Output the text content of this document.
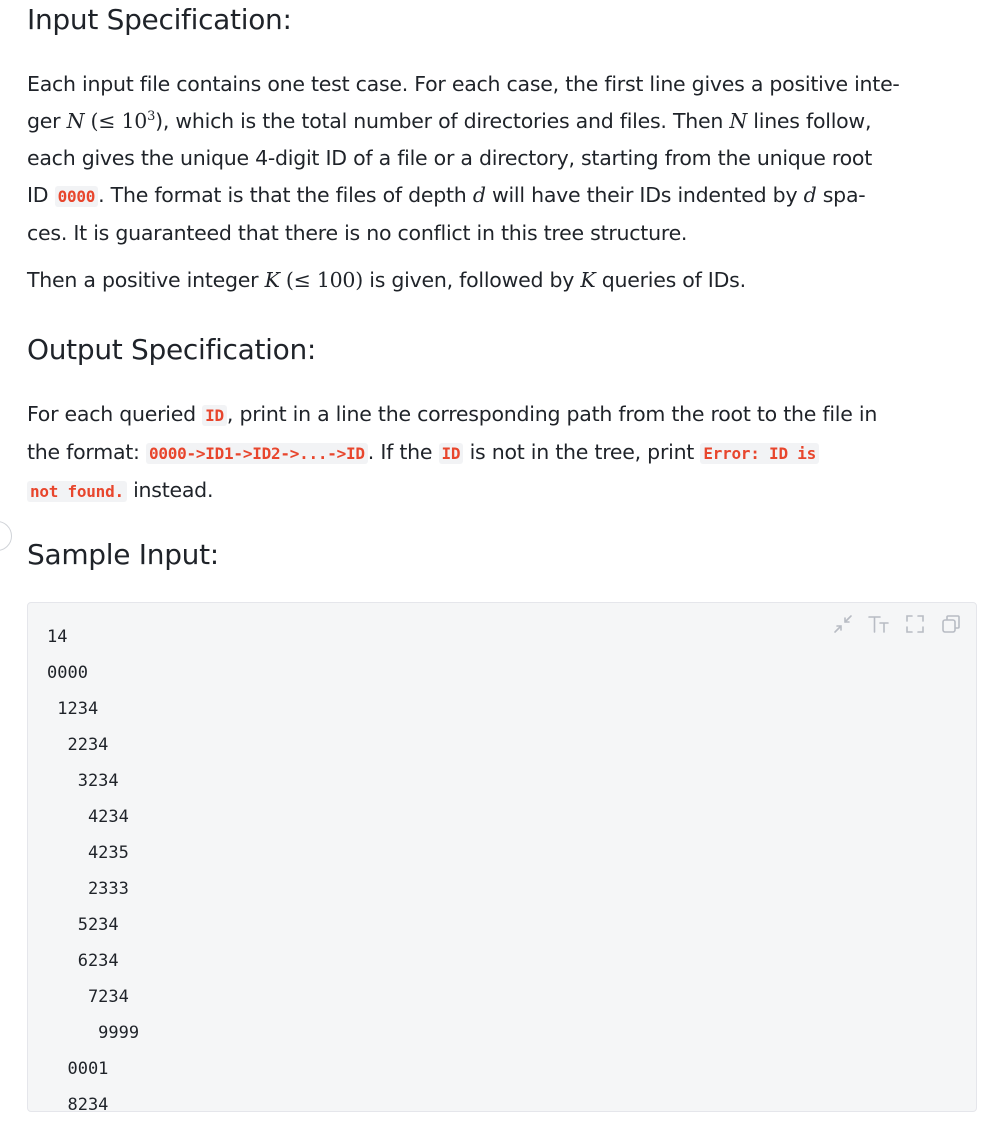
Input Specification:

Each input file contains one test case. For each case, the first line gives a positive inte-
ger N (≤ $10^3$), which is the total number of directories and files. Then N lines follow,
each gives the unique 4-digit ID of a file or a directory, starting from the unique root
ID 0000 . The format is that the files of depth d will have their IDs indented by d spa-
ces. It is guaranteed that there is no conflict in this tree structure.

Then a positive integer K (≤ 100) is given, followed by K queries of IDs.

Output Specification:

For each queried ID , print in a line the corresponding path from the root to the file in
the format: 0000->ID1->ID2->...->ID . If the ID is not in the tree, print Error: ID is
not found. instead.

Sample Input:
14
0000
1234
2234
3234
4234
4235
2333
5234
6234
7234
9999
0001
8234
